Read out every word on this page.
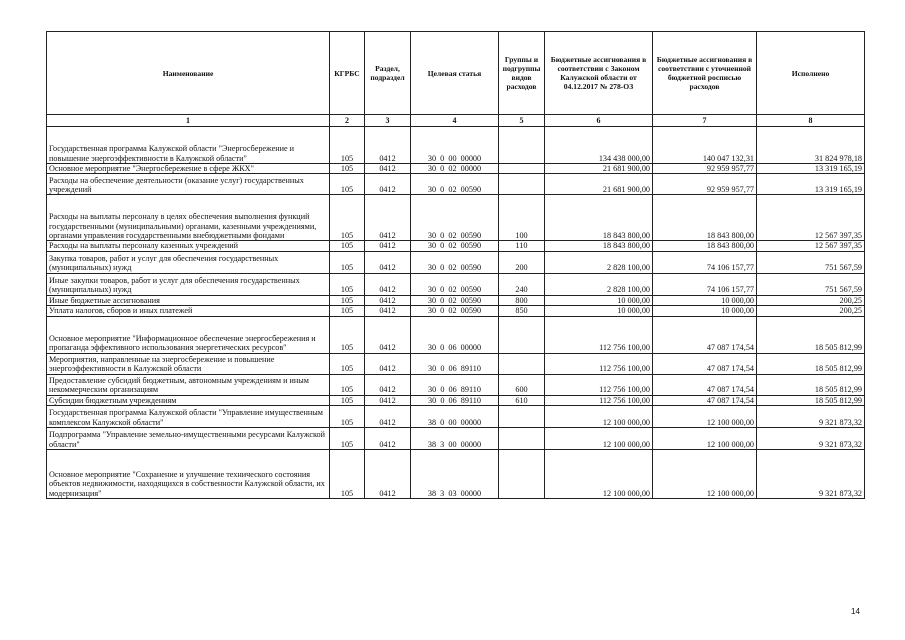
Наименование	КГРБС	Раздел, подраздел	Целевая статья	Группы и подгруппы видов расходов	Бюджетные ассигнования в соответствии с Законом Калужской области от 04.12.2017 № 278-ОЗ	Бюджетные ассигнования в соответствии с уточненной бюджетной росписью расходов	Исполнено
1	2	3	4	5	6	7	8
Государственная программа Калужской области "Энергосбережение и повышение энергоэффективности в Калужской области"	105	0412	30  0  00  00000		134 438 000,00	140 047 132,31	31 824 978,18
Основное мероприятие "Энергосбережение в сфере ЖКХ"	105	0412	30  0  02  00000		21 681 900,00	92 959 957,77	13 319 165,19
Расходы на обеспечение деятельности (оказание услуг) государственных учреждений	105	0412	30  0  02  00590		21 681 900,00	92 959 957,77	13 319 165,19
Расходы на выплаты персоналу в целях обеспечения выполнения функций государственными (муниципальными) органами, казенными учреждениями, органами управления государственными внебюджетными фондами	105	0412	30  0  02  00590	100	18 843 800,00	18 843 800,00	12 567 397,35
Расходы на выплаты персоналу казенных учреждений	105	0412	30  0  02  00590	110	18 843 800,00	18 843 800,00	12 567 397,35
Закупка товаров, работ и услуг для обеспечения государственных (муниципальных) нужд	105	0412	30  0  02  00590	200	2 828 100,00	74 106 157,77	751 567,59
Иные закупки товаров, работ и услуг для обеспечения государственных (муниципальных) нужд	105	0412	30  0  02  00590	240	2 828 100,00	74 106 157,77	751 567,59
Иные бюджетные ассигнования	105	0412	30  0  02  00590	800	10 000,00	10 000,00	200,25
Уплата налогов, сборов и иных платежей	105	0412	30  0  02  00590	850	10 000,00	10 000,00	200,25
Основное мероприятие "Информационное обеспечение энергосбережения и пропаганда эффективного использования энергетических ресурсов"	105	0412	30  0  06  00000		112 756 100,00	47 087 174,54	18 505 812,99
Мероприятия, направленные на энергосбережение и повышение энергоэффективности в Калужской области	105	0412	30  0  06  89110		112 756 100,00	47 087 174,54	18 505 812,99
Предоставление субсидий бюджетным, автономным учреждениям и иным некоммерческим организациям	105	0412	30  0  06  89110	600	112 756 100,00	47 087 174,54	18 505 812,99
Субсидии бюджетным учреждениям	105	0412	30  0  06  89110	610	112 756 100,00	47 087 174,54	18 505 812,99
Государственная программа Калужской области "Управление имущественным комплексом Калужской области"	105	0412	38  0  00  00000		12 100 000,00	12 100 000,00	9 321 873,32
Подпрограмма "Управление земельно-имущественными ресурсами Калужской области"	105	0412	38  3  00  00000		12 100 000,00	12 100 000,00	9 321 873,32
Основное мероприятие "Сохранение и улучшение технического состояния объектов недвижимости, находящихся в собственности Калужской области, их модернизация"	105	0412	38  3  03  00000		12 100 000,00	12 100 000,00	9 321 873,32
14
